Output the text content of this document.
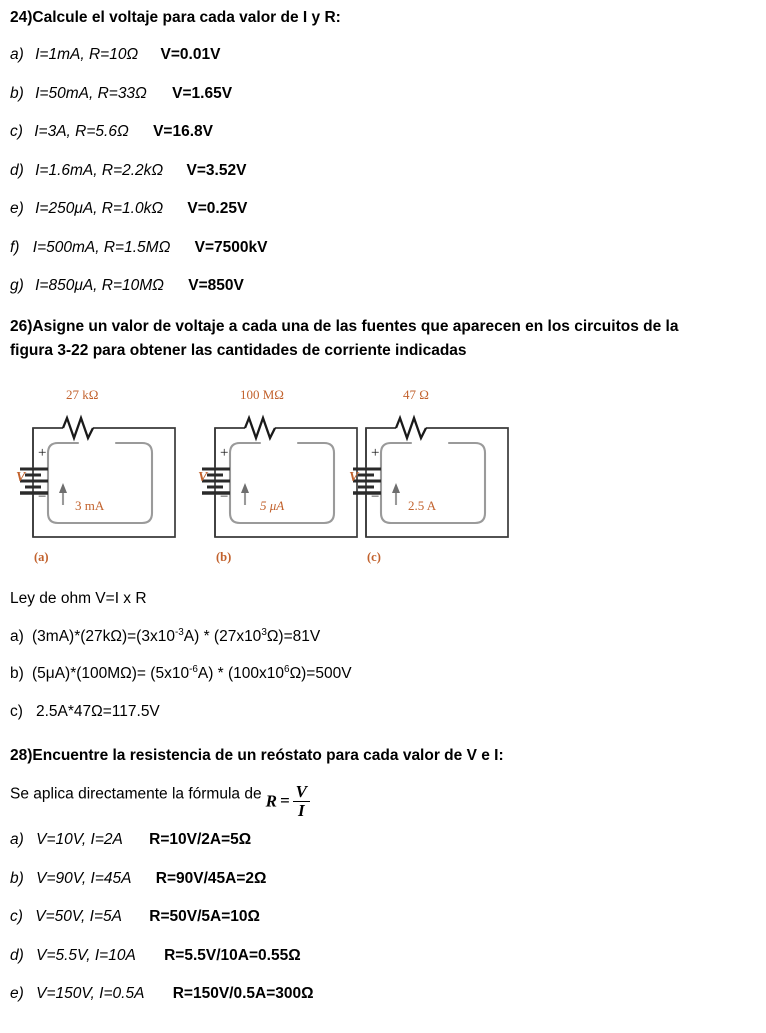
24)Calcule el voltaje para cada valor de I y R:
a) I=1mA, R=10Ω V=0.01V
b) I=50mA, R=33Ω V=1.65V
c) I=3A, R=5.6Ω V=16.8V
d) I=1.6mA, R=2.2kΩ V=3.52V
e) I=250μA, R=1.0kΩ V=0.25V
f) I=500mA, R=1.5MΩ V=7500kV
g) I=850μA, R=10MΩ V=850V
26)Asigne un valor de voltaje a cada una de las fuentes que aparecen en los circuitos de la
figura 3-22 para obtener las cantidades de corriente indicadas
27 kΩ
V
+
−
3 mA
(a)
100 MΩ
V
+
−
5 μA
(b)
47 Ω
V
+
−
2.5 A
(c)
Ley de ohm V=I x R
a) $(3mA)*(27k\Omega)=(3x10^{-3}A) * (27x10^3\Omega)=81V$
b) $(5\mu A)*(100M\Omega)= (5x10^{-6}A) * (100x10^6\Omega)=500V$
c) 2.5A*47Ω=117.5V
28)Encuentre la resistencia de un reóstato para cada valor de V e I:
Se aplica directamente la fórmula de $R = \frac{V}{I}$
a) V=10V, I=2A R=10V/2A=5Ω
b) V=90V, I=45A R=90V/45A=2Ω
c) V=50V, I=5A R=50V/5A=10Ω
d) V=5.5V, I=10A R=5.5V/10A=0.55Ω
e) V=150V, I=0.5A R=150V/0.5A=300Ω
